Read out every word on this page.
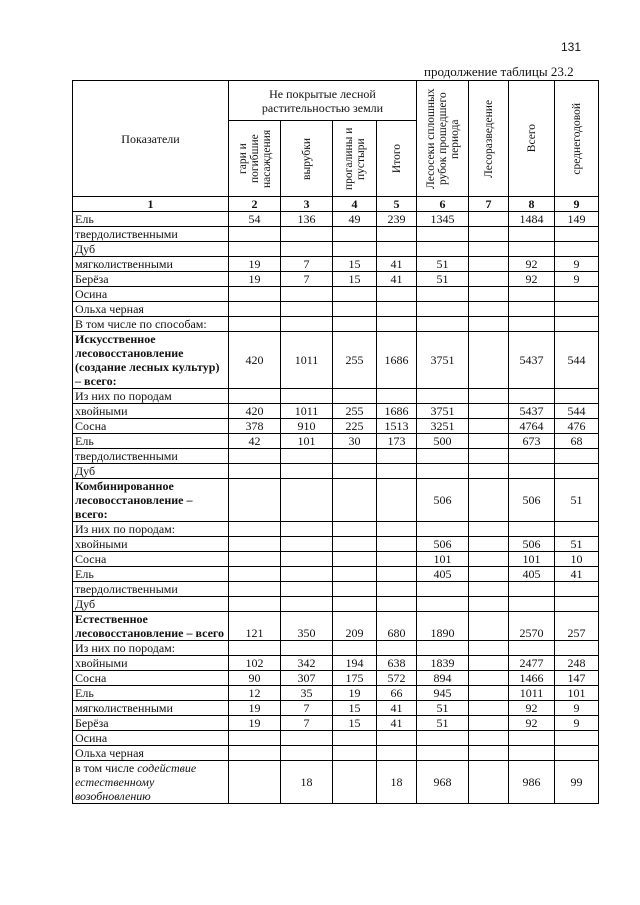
131
продолжение таблицы 23.2
Показатели	Не покрытые лесной растительностью земли				Лесосеки сплошных рубок прошедшего периода	Лесоразведение	Всего	среднегодовой

	гари и погибшие насаждения	вырубки	прогалины и пустыри	Итого				

1	2	3	4	5	6	7	8	9
Ель	54	136	49	239	1345		1484	149
твердолиственными								
Дуб								
мягколиственными	19	7	15	41	51		92	9
Берёза	19	7	15	41	51		92	9
Осина								
Ольха черная								
В том числе по способам:								
Искусственное лесовосстановление (создание лесных культур) – всего:	420	1011	255	1686	3751		5437	544
Из них по породам								
хвойными	420	1011	255	1686	3751		5437	544
Сосна	378	910	225	1513	3251		4764	476
Ель	42	101	30	173	500		673	68
твердолиственными								
Дуб								
Комбинированное лесовосстановление – всего:					506		506	51
Из них по породам:								
хвойными					506		506	51
Сосна					101		101	10
Ель					405		405	41
твердолиственными								
Дуб								
Естественное лесовосстановление – всего	121	350	209	680	1890		2570	257
Из них по породам:								
хвойными	102	342	194	638	1839		2477	248
Сосна	90	307	175	572	894		1466	147
Ель	12	35	19	66	945		1011	101
мягколиственными	19	7	15	41	51		92	9
Берёза	19	7	15	41	51		92	9
Осина								
Ольха черная								
в том числе содействие естественному возобновлению		18		18	968		986	99
